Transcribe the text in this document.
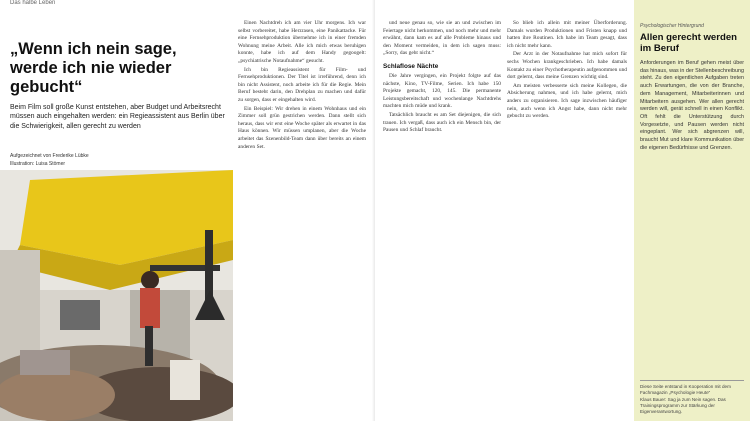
Das halbe Leben
„Wenn ich nein sage, werde ich nie wieder gebucht“

Beim Film soll große Kunst entstehen, aber Budget und Arbeitsrecht müssen auch eingehalten werden: ein Regieassistent aus Berlin über die Schwierigkeit, allen gerecht zu werden

Aufgezeichnet von Frederike Lübke
Illustration: Luisa Stömer

Einen Nachtdreh ich am vier Uhr morgens. Ich war selbst vorbereitet, habe Herzrasen, eine Panikattacke. Für eine Fernsehproduktion übernehme ich in einer fremden Wohnung meine Arbeit. Alle ich mich etwas beruhigen konnte, habe ich auf dem Handy gegoogelt: „psychiatrische Notaufnahme“ gesucht.

Ich bin Regieassistent für Film- und Fernsehproduktionen. Der Titel ist irreführend, denn ich bin nicht Assistent, noch arbeite ich für die Regie. Mein Beruf besteht darin, den Drehplan zu machen und dafür zu sorgen, dass er eingehalten wird.

Ein Beispiel: Wir drehen in einem Wohnhaus und ein Zimmer soll grün gestrichen werden. Dann stellt sich heraus, dass wir erst eine Woche später als erwartet in das Haus können. Wir müssen umplanen, aber die Woche arbeitet das Szenenbild-Team dann über bereits an einem anderen Set.

und neue genau so, wie sie an und zwischen im Feiertage nicht herkommen, und noch mehr und mehr erwähnt, dann kam es auf alle Probleme hinaus und den Moment vermeiden, in dem ich sagen muss: „Sorry, das geht nicht.“

Schlaflose Nächte

Die Jahre vergingen, ein Projekt folgte auf das nächste, Kino, TV-Filme, Serien. Ich habe 150 Projekte gemacht, 120, 145. Die permanente Leistungsbereitschaft und wochenlange Nachtdrehs machten mich müde und krank.

Tatsächlich braucht es am Set diejenigen, die sich trauen. Ich vergaß, dass auch ich ein Mensch bin, der Pausen und Schlaf braucht.

So blieb ich allein mit meiner Überforderung. Damals wurden Produktionen und Fristen knapp und hatten ihre Routinen. Ich habe im Team gesagt, dass ich nicht mehr kann.

Der Arzt in der Notaufnahme hat mich sofort für sechs Wochen krankgeschrieben. Ich habe damals Kontakt zu einer Psychotherapeutin aufgenommen und dort gelernt, dass meine Grenzen wichtig sind.

Am meisten verbesserte sich meine Kollegen, die Absicherung nahmen, und ich habe gelernt, mich anders zu organisieren. Ich sage inzwischen häufiger nein, auch wenn ich Angst habe, dann nicht mehr gebucht zu werden.

Psychologischer Hintergrund
Allen gerecht werden im Beruf

Anforderungen im Beruf gehen meist über das hinaus, was in der Stellenbeschreibung steht. Zu den eigentlichen Aufgaben treten auch Erwartungen, die von der Branche, dem Management, Mitarbeiterinnen und Mitarbeitern ausgehen. Wer allen gerecht werden will, gerät schnell in einen Konflikt. Oft fehlt die Unterstützung durch Vorgesetzte, und Pausen werden nicht eingeplant. Wer sich abgrenzen will, braucht Mut und klare Kommunikation über die eigenen Bedürfnisse und Grenzen.

Diese Seite entstand in Kooperation mit dem Fachmagazin „Psychologie Heute“
Klaus Bauer: Sag ja zum Nein sagen. Das Trainingsprogramm zur Stärkung der Eigenverantwortung.
